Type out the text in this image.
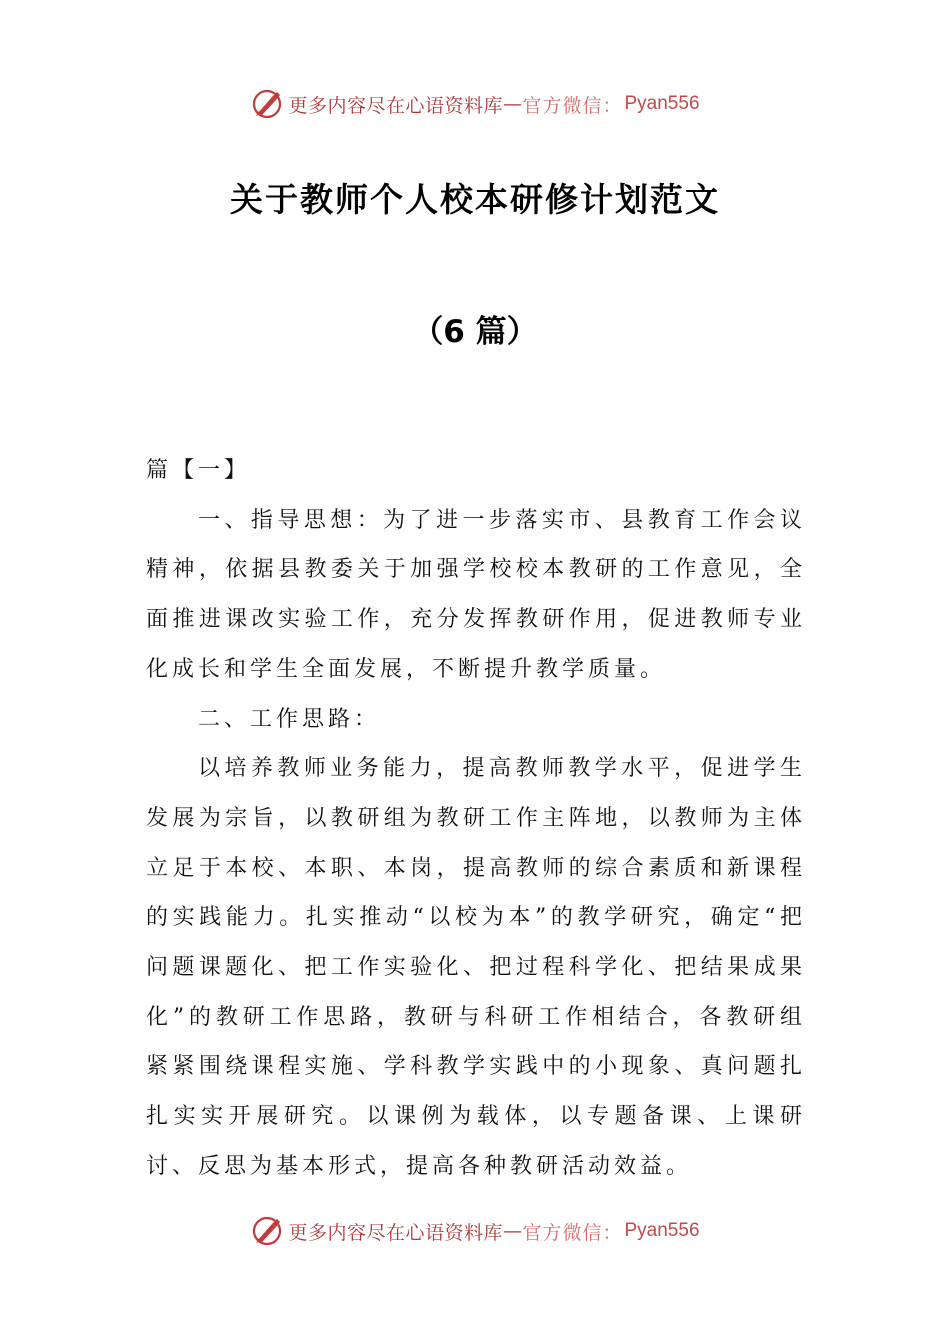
更多内容尽在心语资料库 — 官方微信： Pyan556
关于教师个人校本研修计划范文
（6 篇）

篇【一】

一、指导思想：为了进一步落实市、县教育工作会议精神，依据县教委关于加强学校校本教研的工作意见，全面推进课改实验工作，充分发挥教研作用，促进教师专业化成长和学生全面发展，不断提升教学质量。

二、工作思路：

以培养教师业务能力，提高教师教学水平，促进学生发展为宗旨，以教研组为教研工作主阵地，以教师为主体立足于本校、本职、本岗，提高教师的综合素质和新课程的实践能力。扎实推动“以校为本”的教学研究，确定“把问题课题化、把工作实验化、把过程科学化、把结果成果化”的教研工作思路，教研与科研工作相结合，各教研组紧紧围绕课程实施、学科教学实践中的小现象、真问题扎扎实实开展研究。以课例为载体，以专题备课、上课研讨、反思为基本形式，提高各种教研活动效益。

更多内容尽在心语资料库 — 官方微信： Pyan556
